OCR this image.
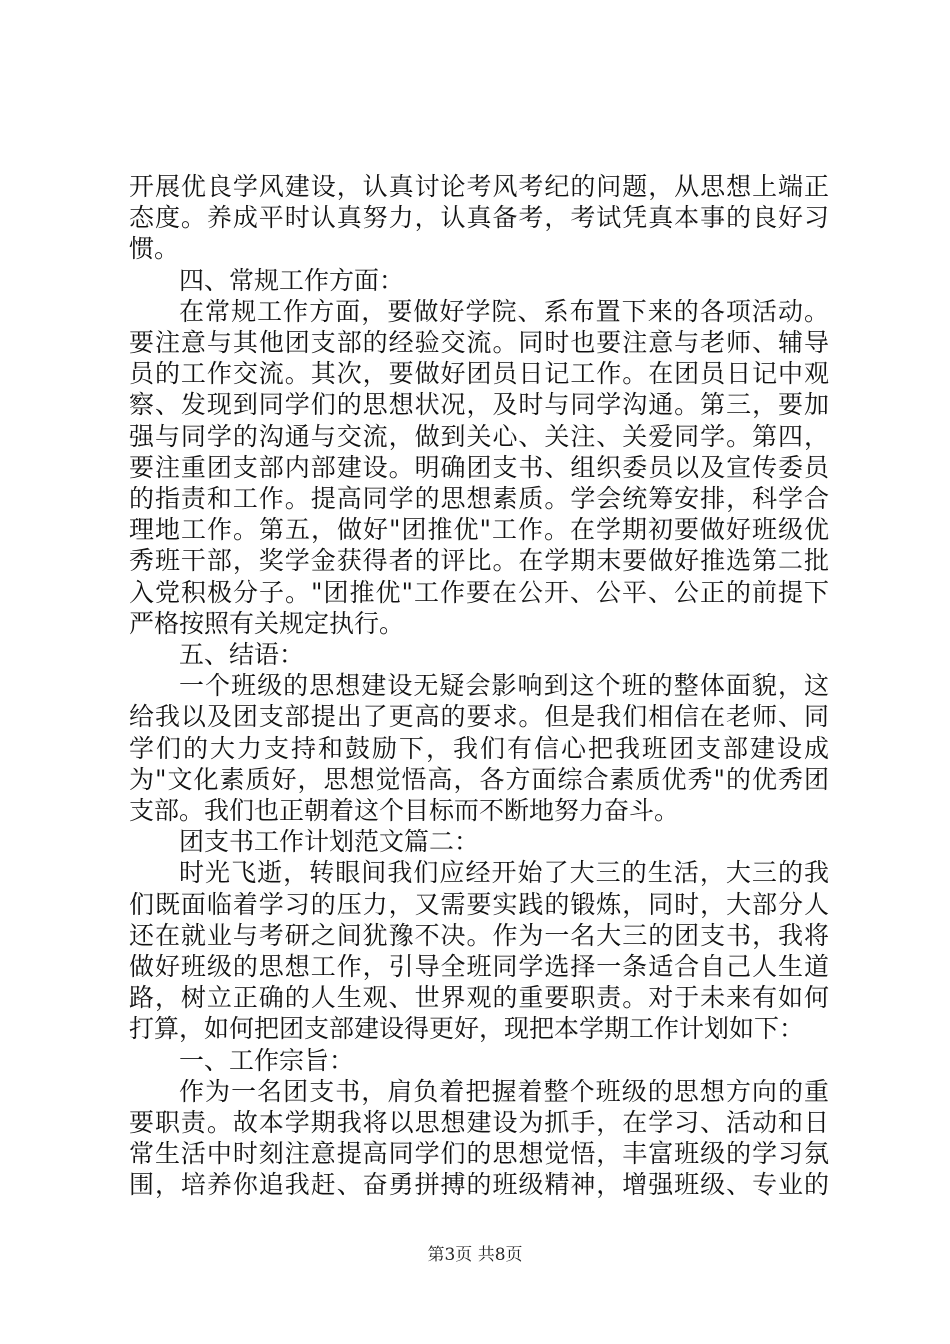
开展优良学风建设，认真讨论考风考纪的问题，从思想上端正
态度。养成平时认真努力，认真备考，考试凭真本事的良好习
惯。
四、常规工作方面：
在常规工作方面，要做好学院、系布置下来的各项活动。
要注意与其他团支部的经验交流。同时也要注意与老师、辅导
员的工作交流。其次，要做好团员日记工作。在团员日记中观
察、发现到同学们的思想状况，及时与同学沟通。第三，要加
强与同学的沟通与交流，做到关心、关注、关爱同学。第四，
要注重团支部内部建设。明确团支书、组织委员以及宣传委员
的指责和工作。提高同学的思想素质。学会统筹安排，科学合
理地工作。第五，做好"团推优"工作。在学期初要做好班级优
秀班干部，奖学金获得者的评比。在学期末要做好推选第二批
入党积极分子。"团推优"工作要在公开、公平、公正的前提下
严格按照有关规定执行。
五、结语：
一个班级的思想建设无疑会影响到这个班的整体面貌，这
给我以及团支部提出了更高的要求。但是我们相信在老师、同
学们的大力支持和鼓励下，我们有信心把我班团支部建设成
为"文化素质好，思想觉悟高，各方面综合素质优秀"的优秀团
支部。我们也正朝着这个目标而不断地努力奋斗。
团支书工作计划范文篇二：
时光飞逝，转眼间我们应经开始了大三的生活，大三的我
们既面临着学习的压力，又需要实践的锻炼，同时，大部分人
还在就业与考研之间犹豫不决。作为一名大三的团支书，我将
做好班级的思想工作，引导全班同学选择一条适合自己人生道
路，树立正确的人生观、世界观的重要职责。对于未来有如何
打算，如何把团支部建设得更好，现把本学期工作计划如下：
一、工作宗旨：
作为一名团支书，肩负着把握着整个班级的思想方向的重
要职责。故本学期我将以思想建设为抓手，在学习、活动和日
常生活中时刻注意提高同学们的思想觉悟，丰富班级的学习氛
围，培养你追我赶、奋勇拼搏的班级精神，增强班级、专业的
第3页 共8页
